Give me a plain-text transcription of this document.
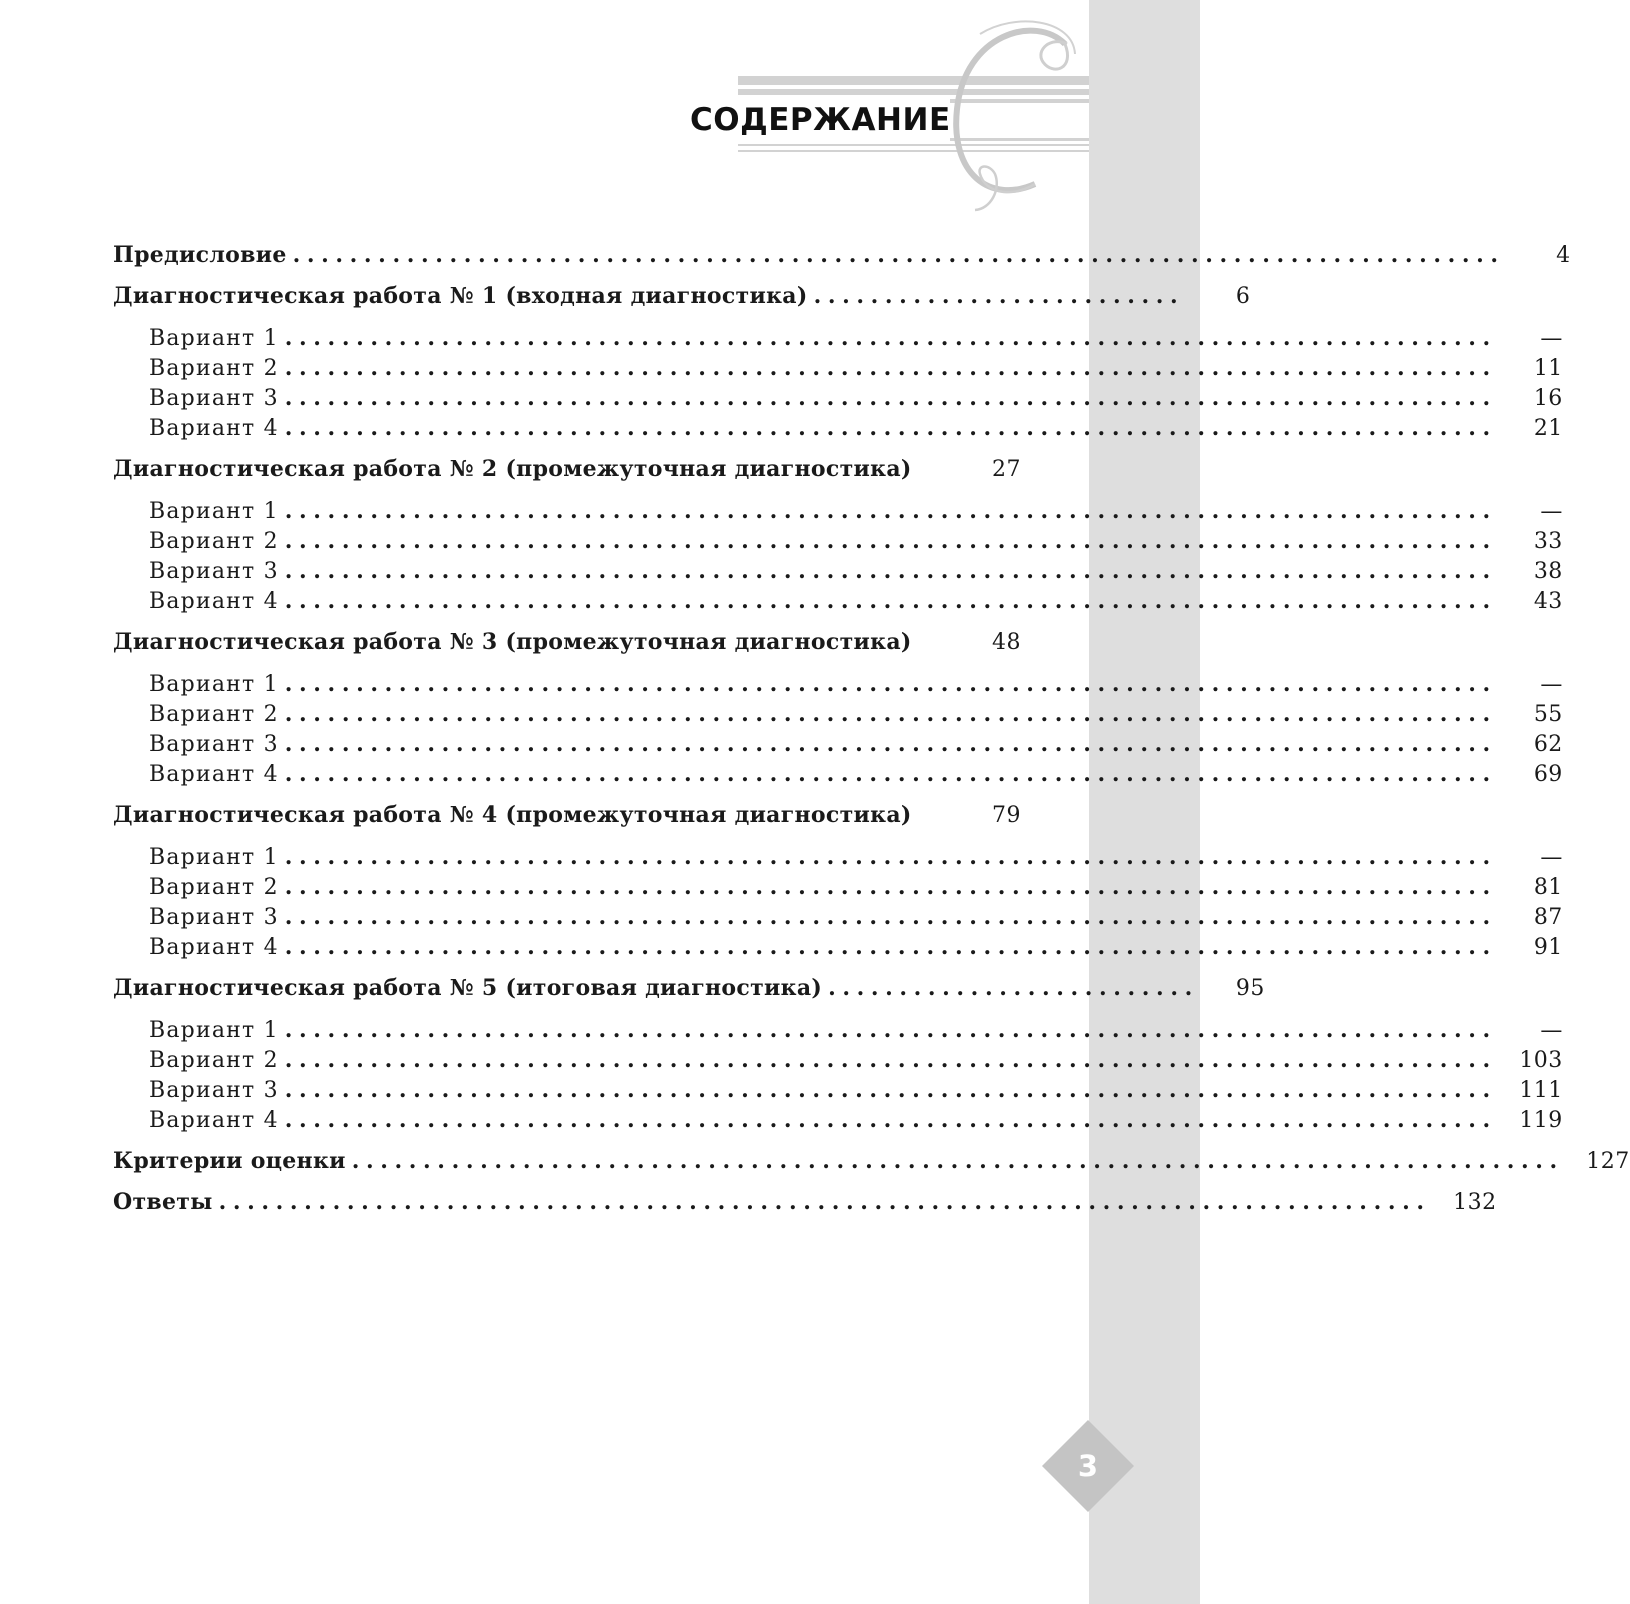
СОДЕРЖАНИЕ
Предисловие .....................................................................................	4
Диагностическая работа № 1 (входная диагностика) ..........................	6
Вариант 1 .....................................................................................	—
Вариант 2 .....................................................................................	11
Вариант 3 .....................................................................................	16
Вариант 4 .....................................................................................	21
Диагностическая работа № 2 (промежуточная диагностика)	27
Вариант 1 .....................................................................................	—
Вариант 2 .....................................................................................	33
Вариант 3 .....................................................................................	38
Вариант 4 .....................................................................................	43
Диагностическая работа № 3 (промежуточная диагностика)	48
Вариант 1 .....................................................................................	—
Вариант 2 .....................................................................................	55
Вариант 3 .....................................................................................	62
Вариант 4 .....................................................................................	69
Диагностическая работа № 4 (промежуточная диагностика)	79
Вариант 1 .....................................................................................	—
Вариант 2 .....................................................................................	81
Вариант 3 .....................................................................................	87
Вариант 4 .....................................................................................	91
Диагностическая работа № 5 (итоговая диагностика) ..........................	95
Вариант 1 .....................................................................................	—
Вариант 2 .....................................................................................	103
Вариант 3 .....................................................................................	111
Вариант 4 .....................................................................................	119
Критерии оценки .....................................................................................	127
Ответы .....................................................................................	132
3
